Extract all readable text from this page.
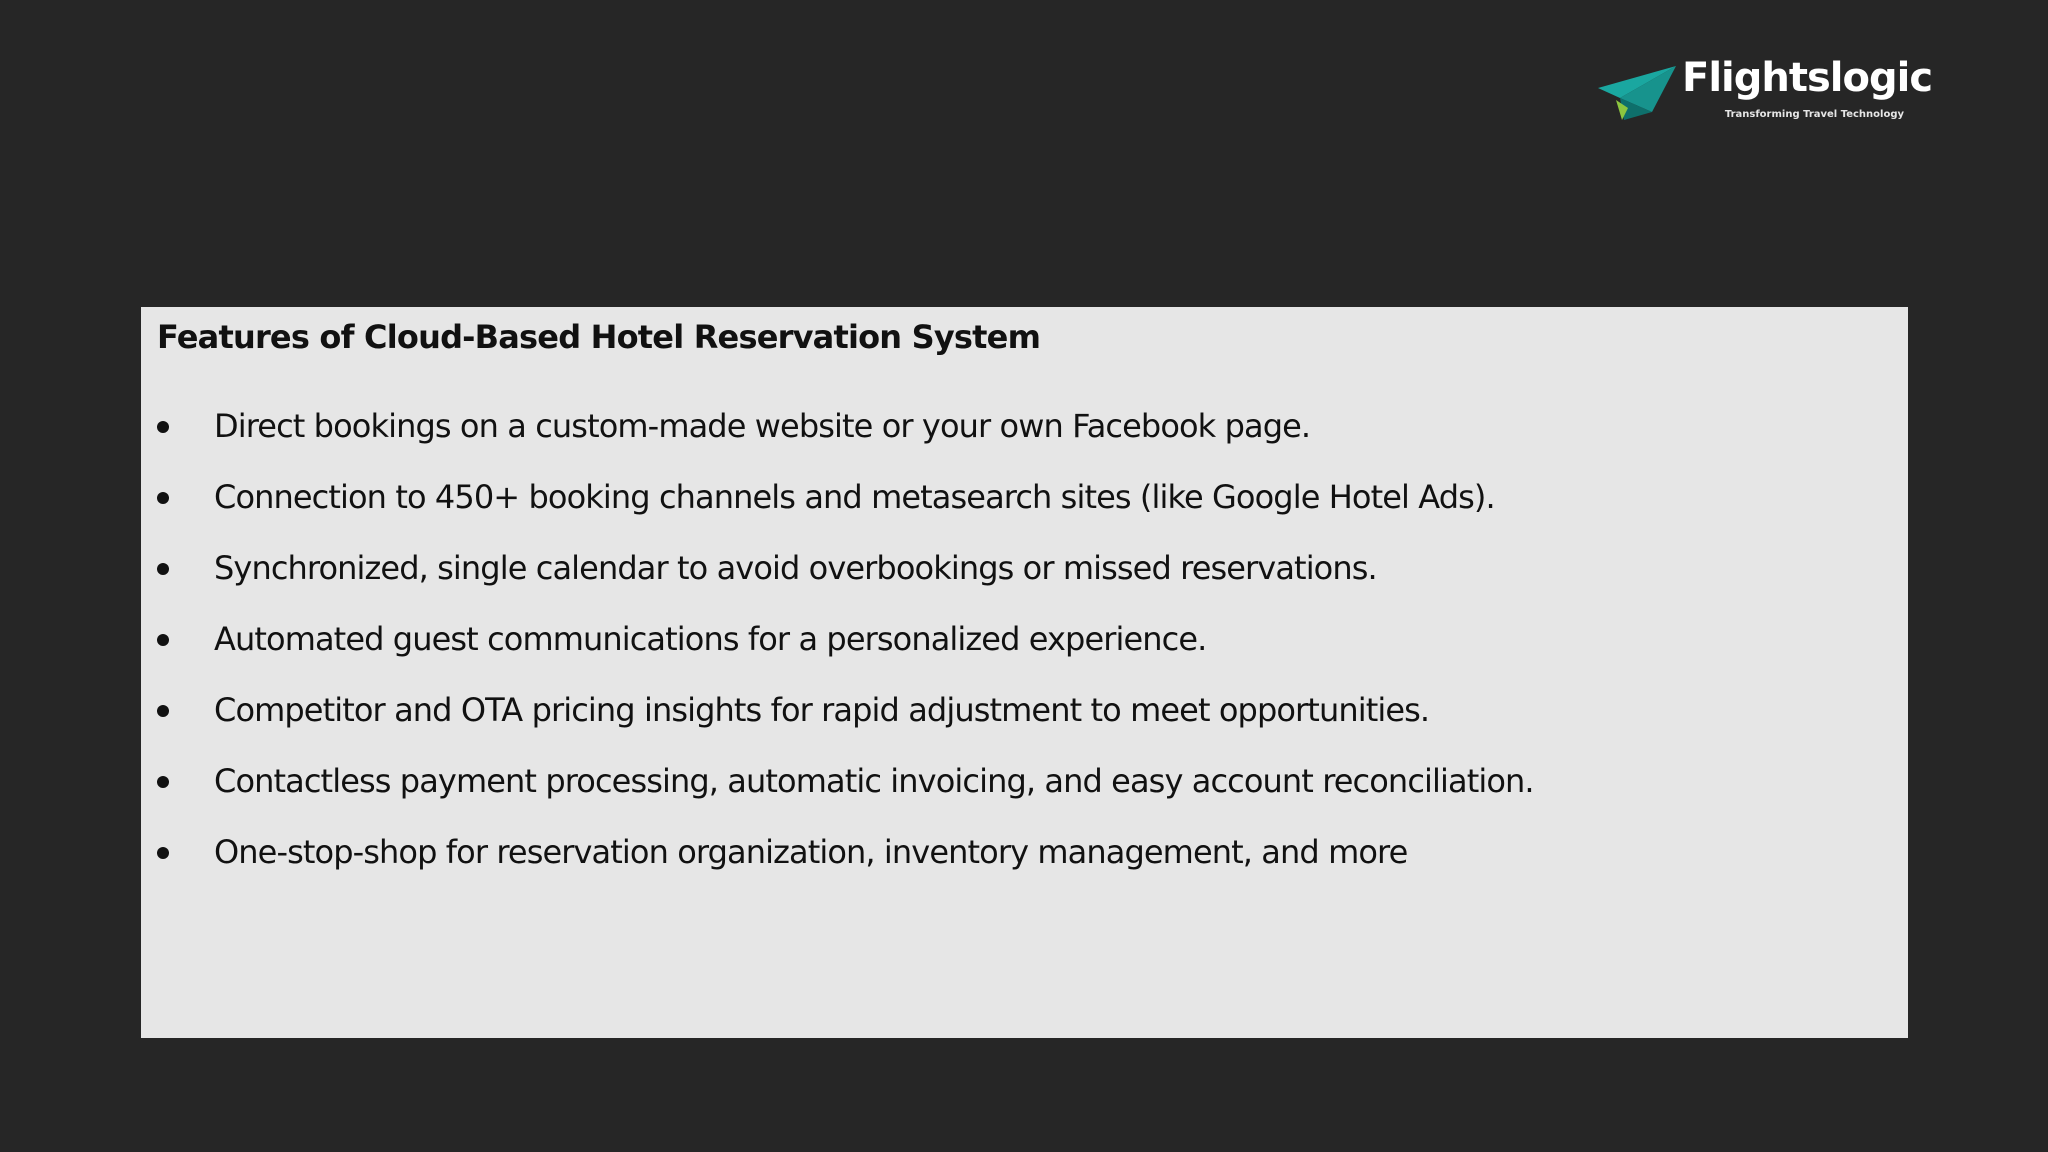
Flightslogic
Transforming Travel Technology
Features of Cloud-Based Hotel Reservation System
Direct bookings on a custom-made website or your own Facebook page.
Connection to 450+ booking channels and metasearch sites (like Google Hotel Ads).
Synchronized, single calendar to avoid overbookings or missed reservations.
Automated guest communications for a personalized experience.
Competitor and OTA pricing insights for rapid adjustment to meet opportunities.
Contactless payment processing, automatic invoicing, and easy account reconciliation.
One-stop-shop for reservation organization, inventory management, and more
